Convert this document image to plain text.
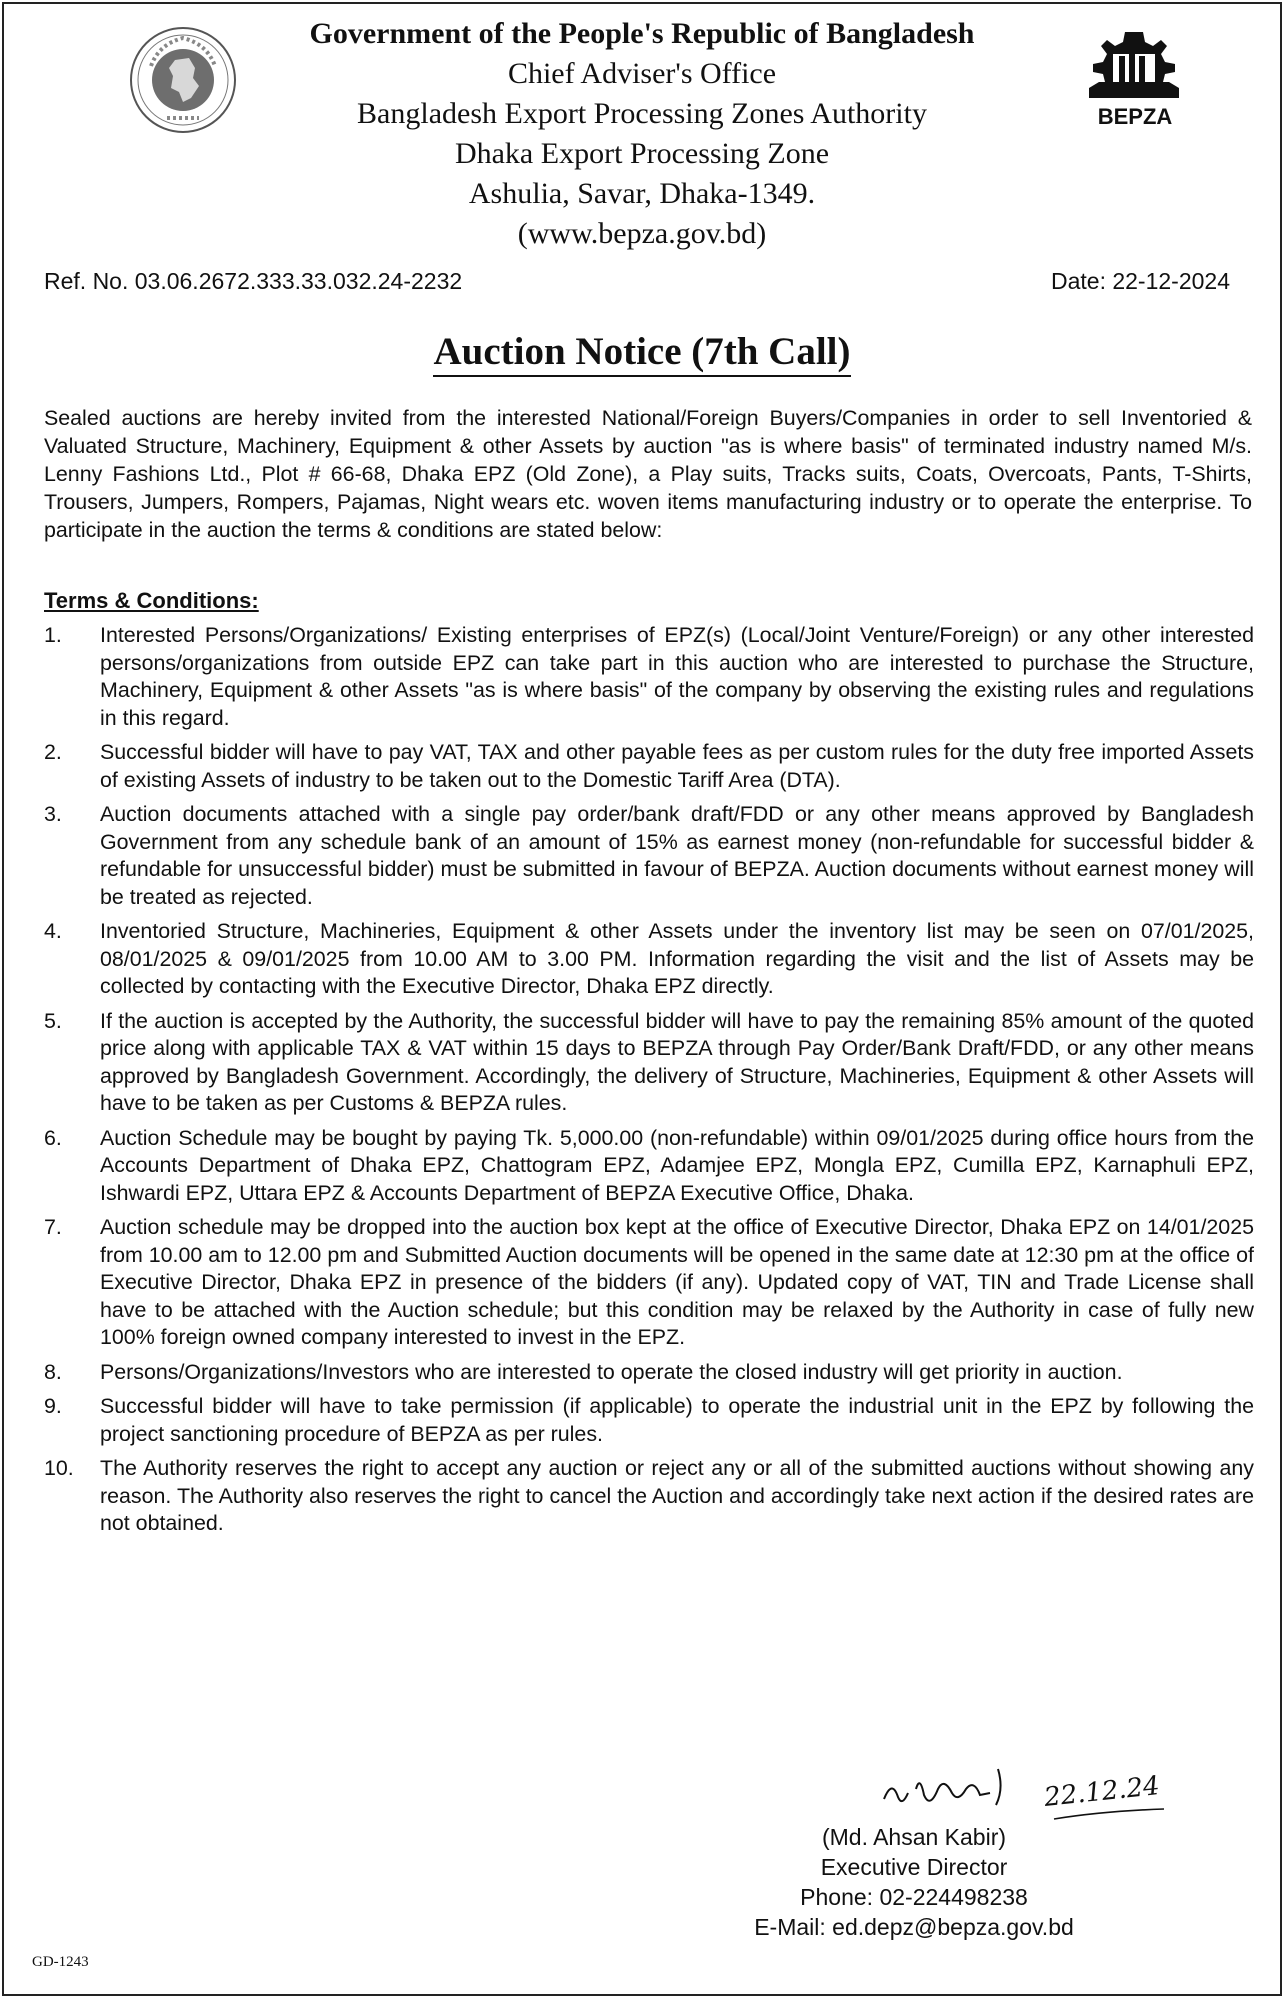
BEPZA
Government of the People's Republic of Bangladesh
Chief Adviser's Office
Bangladesh Export Processing Zones Authority
Dhaka Export Processing Zone
Ashulia, Savar, Dhaka-1349.
(www.bepza.gov.bd)
Ref. No. 03.06.2672.333.33.032.24-2232	Date: 22-12-2024
Auction Notice (7th Call)
Sealed auctions are hereby invited from the interested National/Foreign Buyers/Companies in order to sell Inventoried & Valuated Structure, Machinery, Equipment & other Assets by auction "as is where basis" of terminated industry named M/s. Lenny Fashions Ltd., Plot # 66-68, Dhaka EPZ (Old Zone), a Play suits, Tracks suits, Coats, Overcoats, Pants, T-Shirts, Trousers, Jumpers, Rompers, Pajamas, Night wears etc. woven items manufacturing industry or to operate the enterprise. To participate in the auction the terms & conditions are stated below:
Terms & Conditions:
1.	Interested Persons/Organizations/ Existing enterprises of EPZ(s) (Local/Joint Venture/Foreign) or any other interested persons/organizations from outside EPZ can take part in this auction who are interested to purchase the Structure, Machinery, Equipment & other Assets "as is where basis" of the company by observing the existing rules and regulations in this regard.
2.	Successful bidder will have to pay VAT, TAX and other payable fees as per custom rules for the duty free imported Assets of existing Assets of industry to be taken out to the Domestic Tariff Area (DTA).
3.	Auction documents attached with a single pay order/bank draft/FDD or any other means approved by Bangladesh Government from any schedule bank of an amount of 15% as earnest money (non-refundable for successful bidder & refundable for unsuccessful bidder) must be submitted in favour of BEPZA. Auction documents without earnest money will be treated as rejected.
4.	Inventoried Structure, Machineries, Equipment & other Assets under the inventory list may be seen on 07/01/2025, 08/01/2025 & 09/01/2025 from 10.00 AM to 3.00 PM. Information regarding the visit and the list of Assets may be collected by contacting with the Executive Director, Dhaka EPZ directly.
5.	If the auction is accepted by the Authority, the successful bidder will have to pay the remaining 85% amount of the quoted price along with applicable TAX & VAT within 15 days to BEPZA through Pay Order/Bank Draft/FDD, or any other means approved by Bangladesh Government. Accordingly, the delivery of Structure, Machineries, Equipment & other Assets will have to be taken as per Customs & BEPZA rules.
6.	Auction Schedule may be bought by paying Tk. 5,000.00 (non-refundable) within 09/01/2025 during office hours from the Accounts Department of Dhaka EPZ, Chattogram EPZ, Adamjee EPZ, Mongla EPZ, Cumilla EPZ, Karnaphuli EPZ, Ishwardi EPZ, Uttara EPZ & Accounts Department of BEPZA Executive Office, Dhaka.
7.	Auction schedule may be dropped into the auction box kept at the office of Executive Director, Dhaka EPZ on 14/01/2025 from 10.00 am to 12.00 pm and Submitted Auction documents will be opened in the same date at 12:30 pm at the office of Executive Director, Dhaka EPZ in presence of the bidders (if any). Updated copy of VAT, TIN and Trade License shall have to be attached with the Auction schedule; but this condition may be relaxed by the Authority in case of fully new 100% foreign owned company interested to invest in the EPZ.
8.	Persons/Organizations/Investors who are interested to operate the closed industry will get priority in auction.
9.	Successful bidder will have to take permission (if applicable) to operate the industrial unit in the EPZ by following the project sanctioning procedure of BEPZA as per rules.
10.	The Authority reserves the right to accept any auction or reject any or all of the submitted auctions without showing any reason. The Authority also reserves the right to cancel the Auction and accordingly take next action if the desired rates are not obtained.
22.12.24
(Md. Ahsan Kabir)
Executive Director
Phone: 02-224498238
E-Mail: ed.depz@bepza.gov.bd
GD-1243
